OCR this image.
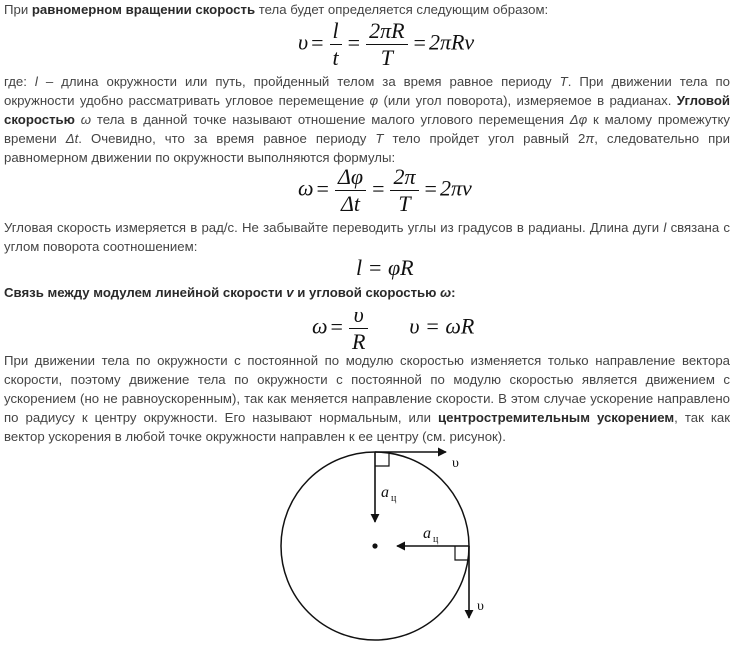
При равномерном вращении скорость тела будет определяется следующим образом:

$\upsilon = \frac{l}{t} = \frac{2\pi R}{T} = 2\pi R\nu$

где: l – длина окружности или путь, пройденный телом за время равное периоду T. При движении тела по окружности удобно рассматривать угловое перемещение φ (или угол поворота), измеряемое в радианах. Угловой скоростью ω тела в данной точке называют отношение малого углового перемещения Δφ к малому промежутку времени Δt. Очевидно, что за время равное периоду T тело пройдет угол равный 2π, следовательно при равномерном движении по окружности выполняются формулы:

$\omega = \frac{\Delta\varphi}{\Delta t} = \frac{2\pi}{T} = 2\pi\nu$

Угловая скорость измеряется в рад/с. Не забывайте переводить углы из градусов в радианы. Длина дуги l связана с углом поворота соотношением:

l = φR

Связь между модулем линейной скорости v и угловой скоростью ω:

$\omega = \frac{\upsilon}{R}$ υ = ωR

При движении тела по окружности с постоянной по модулю скоростью изменяется только направление вектора скорости, поэтому движение тела по окружности с постоянной по модулю скоростью является движением с ускорением (но не равноускоренным), так как меняется направление скорости. В этом случае ускорение направлено по радиусу к центру окружности. Его называют нормальным, или центростремительным ускорением, так как вектор ускорения в любой точке окружности направлен к ее центру (см. рисунок).

υ
a ц
a ц
υ
